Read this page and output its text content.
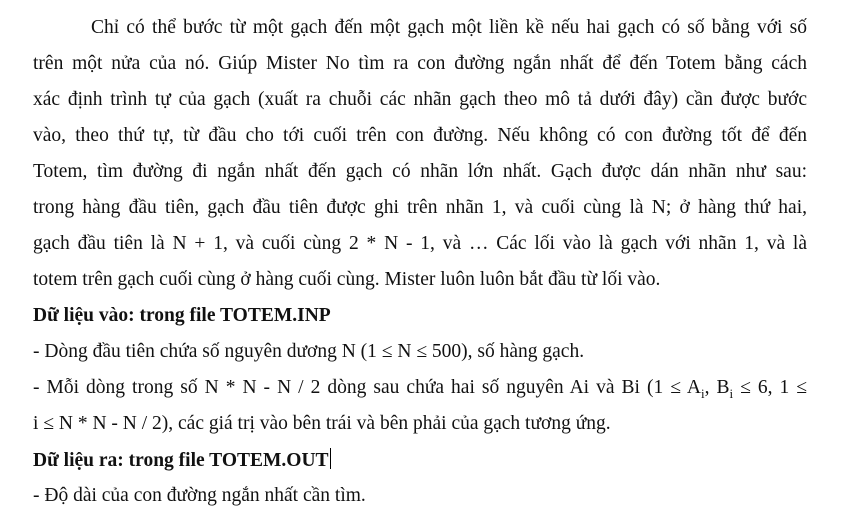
Chỉ có thể bước từ một gạch đến một gạch một liền kề nếu hai gạch có số bằng với số
trên một nửa của nó. Giúp Mister No tìm ra con đường ngắn nhất để đến Totem bằng cách
xác định trình tự của gạch (xuất ra chuỗi các nhãn gạch theo mô tả dưới đây) cần được bước
vào, theo thứ tự, từ đầu cho tới cuối trên con đường. Nếu không có con đường tốt để đến
Totem, tìm đường đi ngắn nhất đến gạch có nhãn lớn nhất. Gạch được dán nhãn như sau:
trong hàng đầu tiên, gạch đầu tiên được ghi trên nhãn 1, và cuối cùng là N; ở hàng thứ hai,
gạch đầu tiên là N + 1, và cuối cùng 2 * N - 1, và … Các lối vào là gạch với nhãn 1, và là
totem trên gạch cuối cùng ở hàng cuối cùng. Mister luôn luôn bắt đầu từ lối vào.
Dữ liệu vào: trong file TOTEM.INP
- Dòng đầu tiên chứa số nguyên dương N (1 ≤ N ≤ 500), số hàng gạch.
- Mỗi dòng trong số N * N - N / 2 dòng sau chứa hai số nguyên Ai và Bi ($1 \le A_i$, $B_i \le 6$, 1 ≤
i ≤ N * N - N / 2), các giá trị vào bên trái và bên phải của gạch tương ứng.
Dữ liệu ra: trong file TOTEM.OUT
- Độ dài của con đường ngắn nhất cần tìm.
